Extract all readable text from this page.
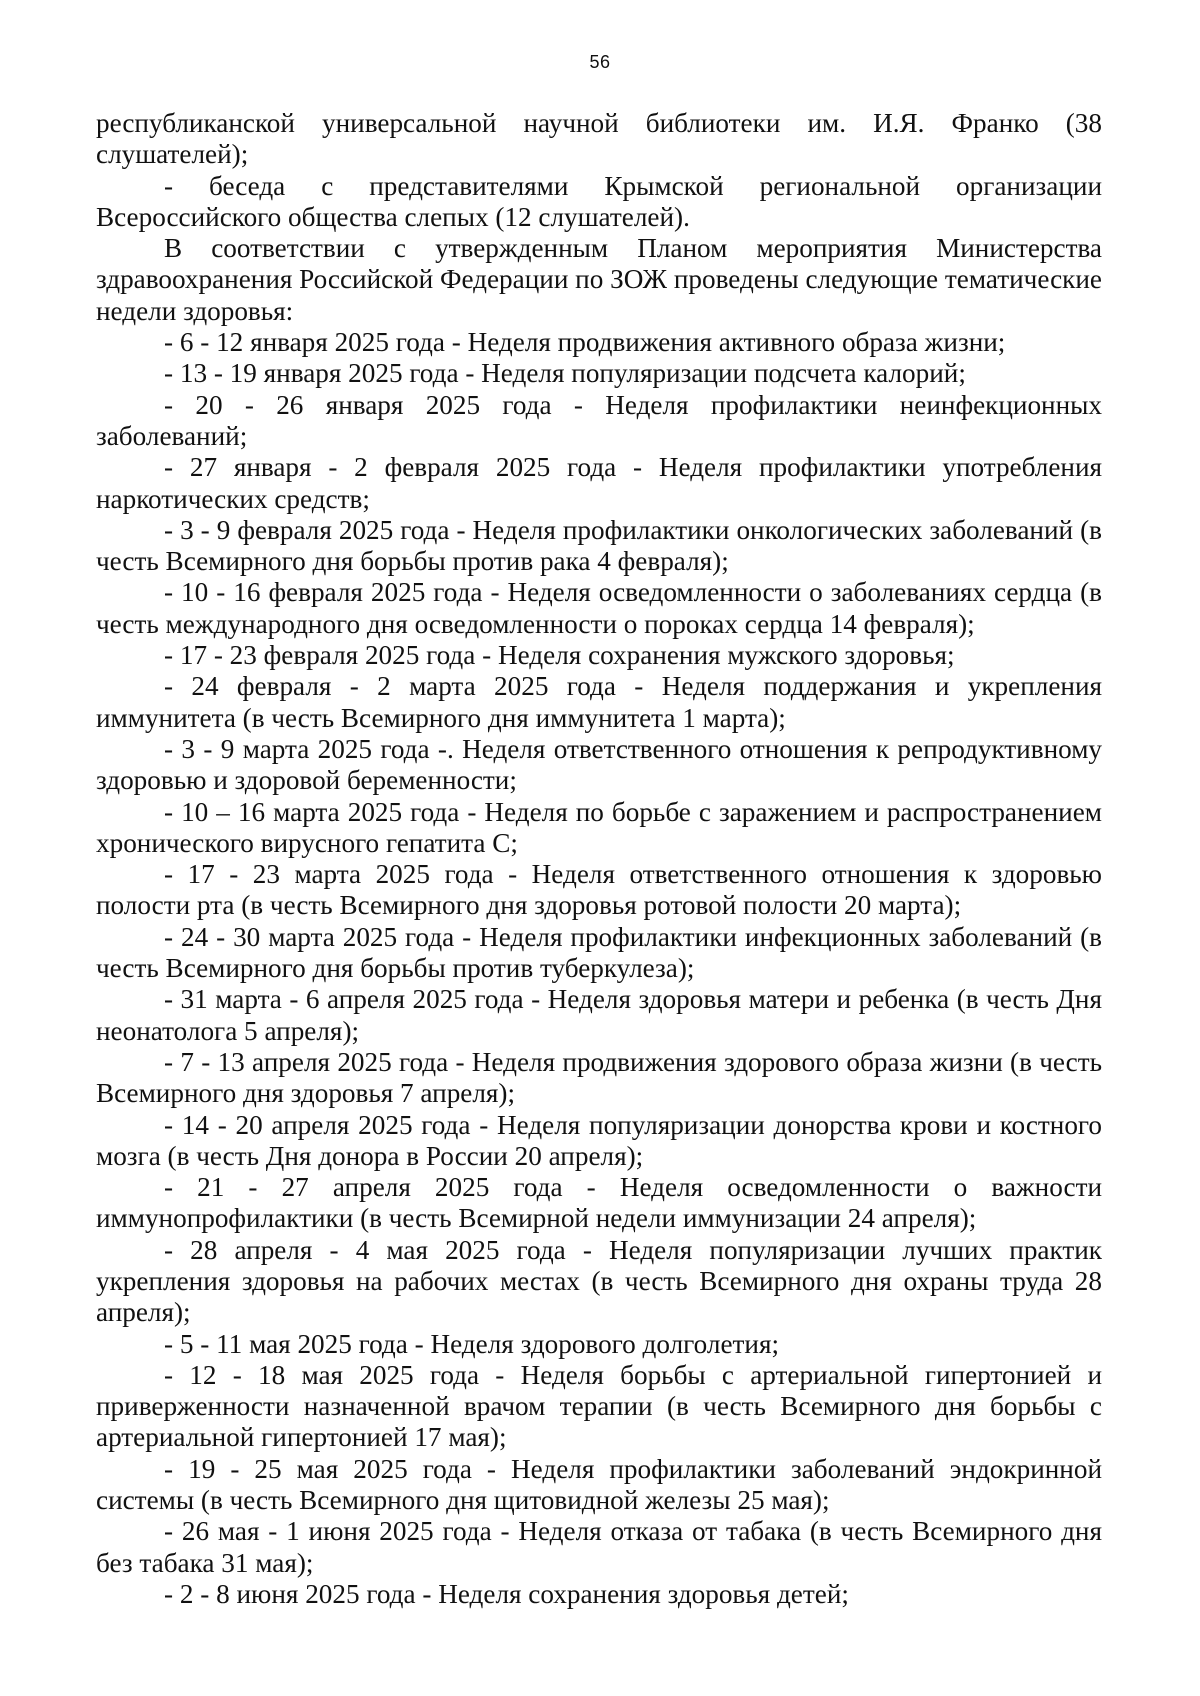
56

республиканской универсальной научной библиотеки им. И.Я. Франко (38 слушателей);

- беседа с представителями Крымской региональной организации Всероссийского общества слепых (12 слушателей).

В соответствии с утвержденным Планом мероприятия Министерства здравоохранения Российской Федерации по ЗОЖ проведены следующие тематические недели здоровья:

- 6 - 12 января 2025 года - Неделя продвижения активного образа жизни;

- 13 - 19 января 2025 года - Неделя популяризации подсчета калорий;

- 20 - 26 января 2025 года - Неделя профилактики неинфекционных заболеваний;

- 27 января - 2 февраля 2025 года - Неделя профилактики употребления наркотических средств;

- 3 - 9 февраля 2025 года - Неделя профилактики онкологических заболеваний (в честь Всемирного дня борьбы против рака 4 февраля);

- 10 - 16 февраля 2025 года - Неделя осведомленности о заболеваниях сердца (в честь международного дня осведомленности о пороках сердца 14 февраля);

- 17 - 23 февраля 2025 года - Неделя сохранения мужского здоровья;

- 24 февраля - 2 марта 2025 года - Неделя поддержания и укрепления иммунитета (в честь Всемирного дня иммунитета 1 марта);

- 3 - 9 марта 2025 года -. Неделя ответственного отношения к репродуктивному здоровью и здоровой беременности;

- 10 – 16 марта 2025 года - Неделя по борьбе с заражением и распространением хронического вирусного гепатита С;

- 17 - 23 марта 2025 года - Неделя ответственного отношения к здоровью полости рта (в честь Всемирного дня здоровья ротовой полости 20 марта);

- 24 - 30 марта 2025 года - Неделя профилактики инфекционных заболеваний (в честь Всемирного дня борьбы против туберкулеза);

- 31 марта - 6 апреля 2025 года - Неделя здоровья матери и ребенка (в честь Дня неонатолога 5 апреля);

- 7 - 13 апреля 2025 года - Неделя продвижения здорового образа жизни (в честь Всемирного дня здоровья 7 апреля);

- 14 - 20 апреля 2025 года - Неделя популяризации донорства крови и костного мозга (в честь Дня донора в России 20 апреля);

- 21 - 27 апреля 2025 года - Неделя осведомленности о важности иммунопрофилактики (в честь Всемирной недели иммунизации 24 апреля);

- 28 апреля - 4 мая 2025 года - Неделя популяризации лучших практик укрепления здоровья на рабочих местах (в честь Всемирного дня охраны труда 28 апреля);

- 5 - 11 мая 2025 года - Неделя здорового долголетия;

- 12 - 18 мая 2025 года - Неделя борьбы с артериальной гипертонией и приверженности назначенной врачом терапии (в честь Всемирного дня борьбы с артериальной гипертонией 17 мая);

- 19 - 25 мая 2025 года - Неделя профилактики заболеваний эндокринной системы (в честь Всемирного дня щитовидной железы 25 мая);

- 26 мая - 1 июня 2025 года - Неделя отказа от табака (в честь Всемирного дня без табака 31 мая);

- 2 - 8 июня 2025 года - Неделя сохранения здоровья детей;
